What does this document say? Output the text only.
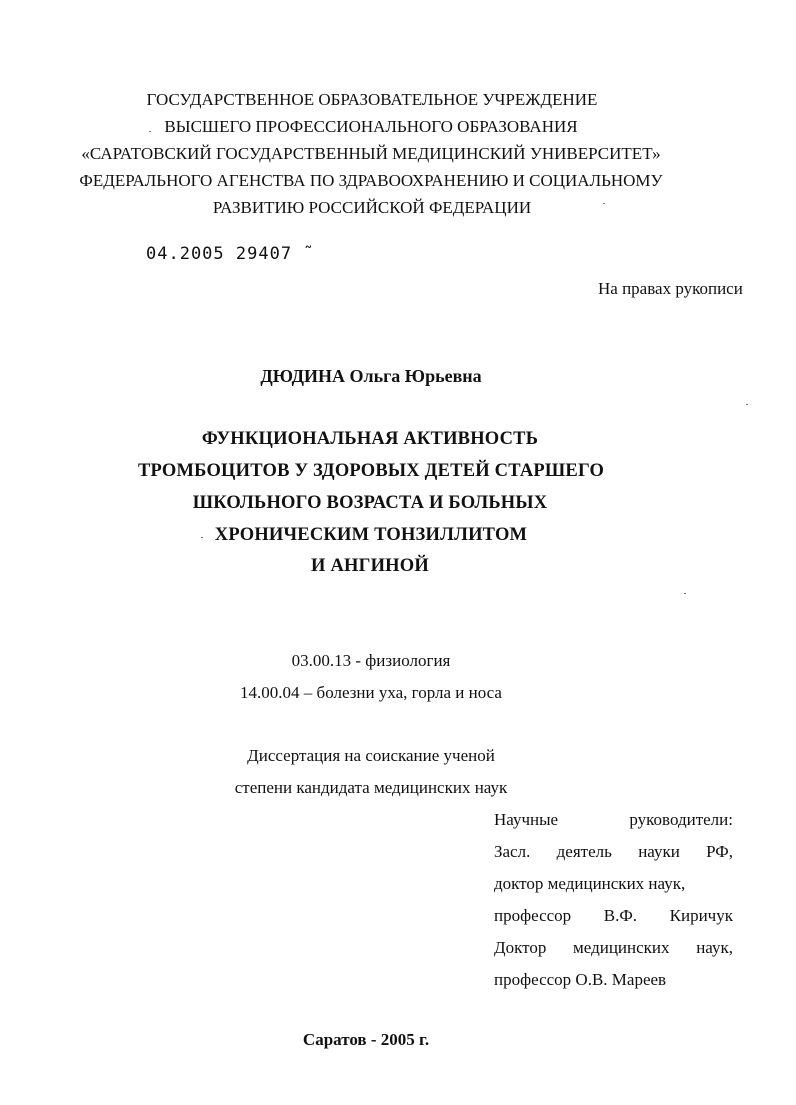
ГОСУДАРСТВЕННОЕ ОБРАЗОВАТЕЛЬНОЕ УЧРЕЖДЕНИЕ
ВЫСШЕГО ПРОФЕССИОНАЛЬНОГО ОБРАЗОВАНИЯ
«САРАТОВСКИЙ ГОСУДАРСТВЕННЫЙ МЕДИЦИНСКИЙ УНИВЕРСИТЕТ»
ФЕДЕРАЛЬНОГО АГЕНСТВА ПО ЗДРАВООХРАНЕНИЮ И СОЦИАЛЬНОМУ
РАЗВИТИЮ РОССИЙСКОЙ ФЕДЕРАЦИИ
04.2005 29407 ˜
На правах рукописи
ДЮДИНА Ольга Юрьевна
ФУНКЦИОНАЛЬНАЯ АКТИВНОСТЬ
ТРОМБОЦИТОВ У ЗДОРОВЫХ ДЕТЕЙ СТАРШЕГО
ШКОЛЬНОГО ВОЗРАСТА И БОЛЬНЫХ
ХРОНИЧЕСКИМ ТОНЗИЛЛИТОМ
И АНГИНОЙ
03.00.13 - физиология
14.00.04 – болезни уха, горла и носа
Диссертация на соискание ученой
степени кандидата медицинских наук
Научные руководители:
Засл. деятель науки РФ,
доктор медицинских наук,
профессор В.Ф. Киричук
Доктор медицинских наук,
профессор О.В. Мареев
Саратов - 2005 г.
